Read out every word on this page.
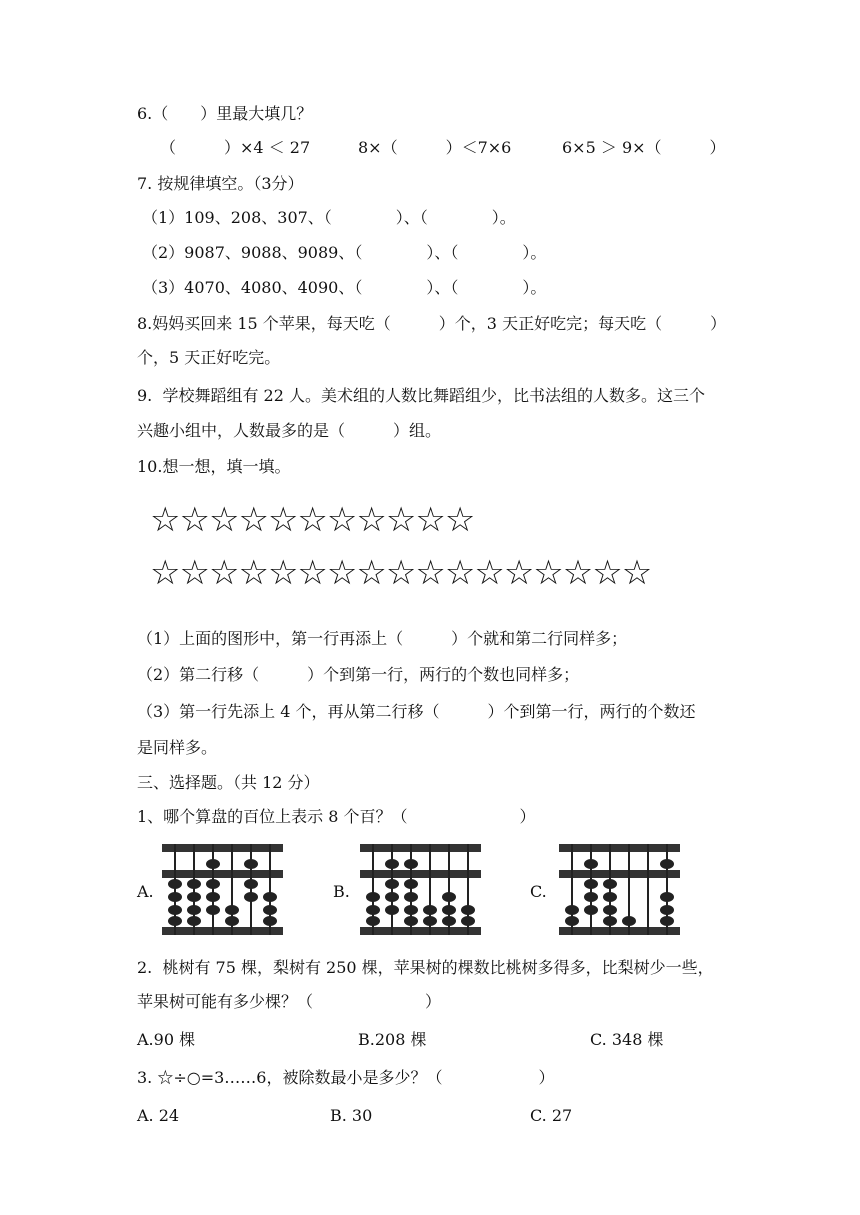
6.（　　）里最大填几？
（　　　）×4 ＜ 27	8×（　　　）＜7×6	6×5 ＞ 9×（　　　）
7. 按规律填空。（3分）
（1）109、208、307、（　　　　）、（　　　　）。
（2）9087、9088、9089、（　　　　）、（　　　　）。
（3）4070、4080、4090、（　　　　）、（　　　　）。
8.妈妈买回来 15 个苹果，每天吃（　　　）个，3 天正好吃完；每天吃（　　　）
个，5 天正好吃完。
9.  学校舞蹈组有 22 人。美术组的人数比舞蹈组少，比书法组的人数多。这三个
兴趣小组中，人数最多的是（　　　）组。
10.想一想，填一填。
☆☆☆☆☆☆☆☆☆☆☆
☆☆☆☆☆☆☆☆☆☆☆☆☆☆☆☆☆
（1）上面的图形中，第一行再添上（　　　）个就和第二行同样多；
（2）第二行移（　　　）个到第一行，两行的个数也同样多；
（3）第一行先添上 4 个，再从第二行移（　　　）个到第一行，两行的个数还
是同样多。
三、选择题。（共 12 分）
1、哪个算盘的百位上表示 8 个百？（　　　　　　　）
A.	B.	C.
2.  桃树有 75 棵，梨树有 250 棵，苹果树的棵数比桃树多得多，比梨树少一些，
苹果树可能有多少棵？（　　　　　　　）
A.90 棵	B.208 棵	C. 348 棵
3. ☆÷○=3……6，被除数最小是多少？（　　　　　　）
A. 24	B. 30	C. 27
